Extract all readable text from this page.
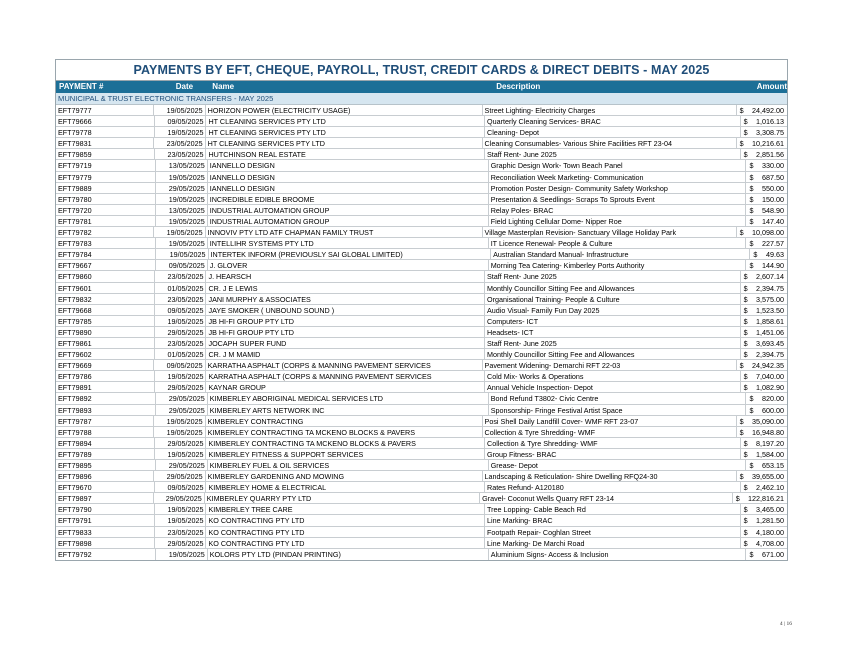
PAYMENTS BY EFT, CHEQUE, PAYROLL, TRUST, CREDIT CARDS & DIRECT DEBITS - MAY 2025
PAYMENT #	Date	Name	Description	Amount
MUNICIPAL & TRUST ELECTRONIC TRANSFERS - MAY 2025
EFT79777	19/05/2025 HORIZON POWER (ELECTRICITY USAGE)	Street Lighting- Electricity Charges	$	24,492.00
EFT79666	09/05/2025 HT CLEANING SERVICES PTY LTD	Quarterly Cleaning Services- BRAC	$	1,016.13
EFT79778	19/05/2025 HT CLEANING SERVICES PTY LTD	Cleaning- Depot	$	3,308.75
EFT79831	23/05/2025 HT CLEANING SERVICES PTY LTD	Cleaning Consumables- Various Shire Facilities RFT 23-04	$	10,216.61
EFT79859	23/05/2025 HUTCHINSON REAL ESTATE	Staff Rent- June 2025	$	2,851.56
EFT79719	13/05/2025 IANNELLO DESIGN	Graphic Design Work- Town Beach Panel	$	330.00
EFT79779	19/05/2025 IANNELLO DESIGN	Reconciliation Week Marketing- Communication	$	687.50
EFT79889	29/05/2025 IANNELLO DESIGN	Promotion Poster Design- Community Safety Workshop	$	550.00
EFT79780	19/05/2025 INCREDIBLE EDIBLE BROOME	Presentation & Seedlings- Scraps To Sprouts Event	$	150.00
EFT79720	13/05/2025 INDUSTRIAL AUTOMATION GROUP	Relay Poles- BRAC	$	548.90
EFT79781	19/05/2025 INDUSTRIAL AUTOMATION GROUP	Field Lighting Cellular Dome- Nipper Roe	$	147.40
EFT79782	19/05/2025 INNOVIV PTY LTD ATF CHAPMAN FAMILY TRUST	Village Masterplan Revision- Sanctuary Village Holiday Park	$	10,098.00
EFT79783	19/05/2025 INTELLIHR SYSTEMS PTY LTD	IT Licence Renewal- People & Culture	$	227.57
EFT79784	19/05/2025 INTERTEK INFORM (PREVIOUSLY SAI GLOBAL LIMITED)	Australian Standard Manual- Infrastructure	$	49.63
EFT79667	09/05/2025 J. GLOVER	Morning Tea Catering- Kimberley Ports Authority	$	144.90
EFT79860	23/05/2025 J. HEARSCH	Staff Rent- June 2025	$	2,607.14
EFT79601	01/05/2025 CR. J E LEWIS	Monthly Councillor Sitting Fee and Allowances	$	2,394.75
EFT79832	23/05/2025 JANI MURPHY & ASSOCIATES	Organisational Training- People & Culture	$	3,575.00
EFT79668	09/05/2025 JAYE SMOKER ( UNBOUND SOUND )	Audio Visual- Family Fun Day 2025	$	1,523.50
EFT79785	19/05/2025 JB HI-FI GROUP PTY LTD	Computers- ICT	$	1,858.61
EFT79890	29/05/2025 JB HI-FI GROUP PTY LTD	Headsets- ICT	$	1,451.06
EFT79861	23/05/2025 JOCAPH SUPER FUND	Staff Rent- June 2025	$	3,693.45
EFT79602	01/05/2025 CR. J M MAMID	Monthly Councillor Sitting Fee and Allowances	$	2,394.75
EFT79669	09/05/2025 KARRATHA ASPHALT (CORPS & MANNING PAVEMENT SERVICES	Pavement Widening- Demarchi RFT 22-03	$	24,942.35
EFT79786	19/05/2025 KARRATHA ASPHALT (CORPS & MANNING PAVEMENT SERVICES	Cold Mix- Works & Operations	$	7,040.00
EFT79891	29/05/2025 KAYNAR GROUP	Annual Vehicle Inspection- Depot	$	1,082.90
EFT79892	29/05/2025 KIMBERLEY ABORIGINAL MEDICAL SERVICES LTD	Bond Refund T3802- Civic Centre	$	820.00
EFT79893	29/05/2025 KIMBERLEY ARTS NETWORK INC	Sponsorship- Fringe Festival Artist Space	$	600.00
EFT79787	19/05/2025 KIMBERLEY CONTRACTING	Posi Shell Daily Landfill Cover- WMF RFT 23-07	$	35,090.00
EFT79788	19/05/2025 KIMBERLEY CONTRACTING TA MCKENO BLOCKS & PAVERS	Collection & Tyre Shredding- WMF	$	16,948.80
EFT79894	29/05/2025 KIMBERLEY CONTRACTING TA MCKENO BLOCKS & PAVERS	Collection & Tyre Shredding- WMF	$	8,197.20
EFT79789	19/05/2025 KIMBERLEY FITNESS & SUPPORT SERVICES	Group Fitness- BRAC	$	1,584.00
EFT79895	29/05/2025 KIMBERLEY FUEL & OIL SERVICES	Grease- Depot	$	653.15
EFT79896	29/05/2025 KIMBERLEY GARDENING AND MOWING	Landscaping & Reticulation- Shire Dwelling RFQ24-30	$	39,655.00
EFT79670	09/05/2025 KIMBERLEY HOME & ELECTRICAL	Rates Refund- A120180	$	2,462.10
EFT79897	29/05/2025 KIMBERLEY QUARRY PTY LTD	Gravel- Coconut Wells Quarry RFT 23-14	$	122,816.21
EFT79790	19/05/2025 KIMBERLEY TREE CARE	Tree Lopping- Cable Beach Rd	$	3,465.00
EFT79791	19/05/2025 KO CONTRACTING PTY LTD	Line Marking- BRAC	$	1,281.50
EFT79833	23/05/2025 KO CONTRACTING PTY LTD	Footpath Repair- Coghlan Street	$	4,180.00
EFT79898	29/05/2025 KO CONTRACTING PTY LTD	Line Marking- De Marchi Road	$	4,708.00
EFT79792	19/05/2025 KOLORS PTY LTD (PINDAN PRINTING)	Aluminium Signs- Access & Inclusion	$	671.00
4 | 16
